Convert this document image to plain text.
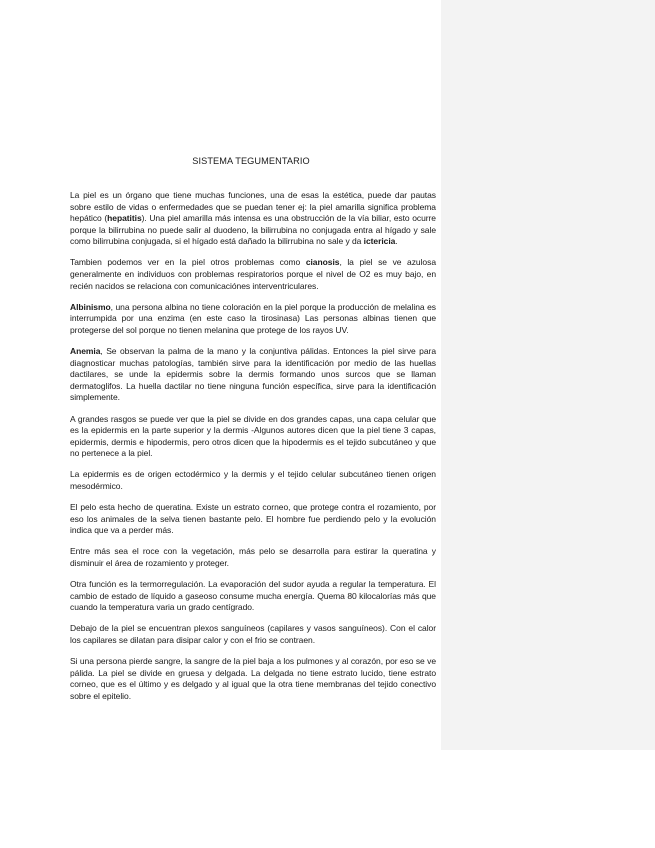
SISTEMA TEGUMENTARIO

La piel es un órgano que tiene muchas funciones, una de esas la estética, puede dar pautas sobre estilo de vidas o enfermedades que se puedan tener ej: la piel amarilla significa problema hepático (hepatitis). Una piel amarilla más intensa es una obstrucción de la vía biliar, esto ocurre porque la bilirrubina no puede salir al duodeno, la bilirrubina no conjugada entra al hígado y sale como bilirrubina conjugada, si el hígado está dañado la bilirrubina no sale y da ictericia.

Tambien podemos ver en la piel otros problemas como cianosis, la piel se ve azulosa generalmente en individuos con problemas respiratorios porque el nivel de O2 es muy bajo, en recién nacidos se relaciona con comunicaciónes interventriculares.

Albinismo, una persona albina no tiene coloración en la piel porque la producción de melalina es interrumpida por una enzima (en este caso la tirosinasa) Las personas albinas tienen que protegerse del sol porque no tienen melanina que protege de los rayos UV.

Anemia, Se observan la palma de la mano y la conjuntiva pálidas. Entonces la piel sirve para diagnosticar muchas patologías, también sirve para la identificación por medio de las huellas dactilares, se unde la epidermis sobre la dermis formando unos surcos que se llaman dermatoglifos. La huella dactilar no tiene ninguna función específica, sirve para la identificación simplemente.

A grandes rasgos se puede ver que la piel se divide en dos grandes capas, una capa celular que es la epidermis en la parte superior y la dermis -Algunos autores dicen que la piel tiene 3 capas, epidermis, dermis e hipodermis, pero otros dicen que la hipodermis es el tejido subcutáneo y que no pertenece a la piel.

La epidermis es de origen ectodérmico y la dermis y el tejido celular subcutáneo tienen origen mesodérmico.

El pelo esta hecho de queratina. Existe un estrato corneo, que protege contra el rozamiento, por eso los animales de la selva tienen bastante pelo. El hombre fue perdiendo pelo y la evolución indica que va a perder más.

Entre más sea el roce con la vegetación, más pelo se desarrolla para estirar la queratina y disminuir el área de rozamiento y proteger.

Otra función es la termorregulación. La evaporación del sudor ayuda a regular la temperatura. El cambio de estado de líquido a gaseoso consume mucha energía. Quema 80 kilocalorías más que cuando la temperatura varia un grado centígrado.

Debajo de la piel se encuentran plexos sanguíneos (capilares y vasos sanguíneos). Con el calor los capilares se dilatan para disipar calor y con el frio se contraen.

Si una persona pierde sangre, la sangre de la piel baja a los pulmones y al corazón, por eso se ve pálida. La piel se divide en gruesa y delgada. La delgada no tiene estrato lucido, tiene estrato corneo, que es el último y es delgado y al igual que la otra tiene membranas del tejido conectivo sobre el epitelio.
